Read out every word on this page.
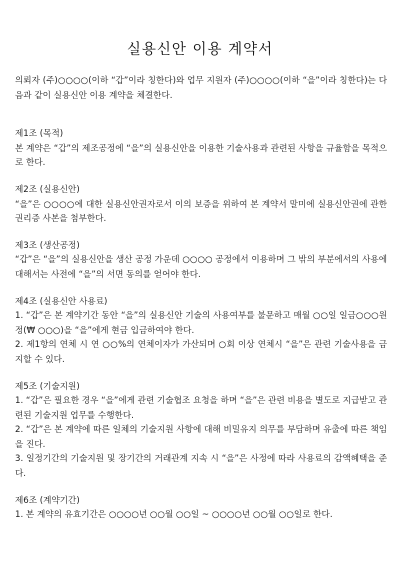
실용신안 이용 계약서

의뢰자 (주)○○○○(이하 “갑”이라 칭한다)와 업무 지원자 (주)○○○○(이하 “을”이라 칭한다)는 다음과 같이 실용신안 이용 계약을 체결한다.

제1조 (목적)

본 계약은 “갑”의 제조공정에 “을”의 실용신안을 이용한 기술사용과 관련된 사항을 규율함을 목적으로 한다.

제2조 (실용신안)

“을”은 ○○○○에 대한 실용신안권자로서 이의 보증을 위하여 본 계약서 말미에 실용신안권에 관한 권리증 사본을 첨부한다.

제3조 (생산공정)

“갑”은 “을”의 실용신안을 생산 공정 가운데 ○○○○ 공정에서 이용하며 그 밖의 부분에서의 사용에 대해서는 사전에 “을”의 서면 동의를 얻어야 한다.

제4조 (실용신안 사용료)

1. “갑”은 본 계약기간 동안 “을”의 실용신안 기술의 사용여부를 불문하고 매월 ○○일 일금○○○원정(₩ ○○○)을 “을”에게 현금 입금하여야 한다.

2. 제1항의 연체 시 연 ○○%의 연체이자가 가산되며 ○회 이상 연체시 “을”은 관련 기술사용을 금지할 수 있다.

제5조 (기술지원)

1. “갑”은 필요한 경우 “을”에게 관련 기술협조 요청을 하며 “을”은 관련 비용을 별도로 지급받고 관련된 기술지원 업무를 수행한다.

2. “갑”은 본 계약에 따른 일체의 기술지원 사항에 대해 비밀유지 의무를 부담하며 유출에 따른 책임을 진다.

3. 일정기간의 기술지원 및 장기간의 거래관계 지속 시 “을”은 사정에 따라 사용료의 감액혜택을 준다.

제6조 (계약기간)

1. 본 계약의 유효기간은 ○○○○년 ○○월 ○○일 ~ ○○○○년 ○○월 ○○일로 한다.
